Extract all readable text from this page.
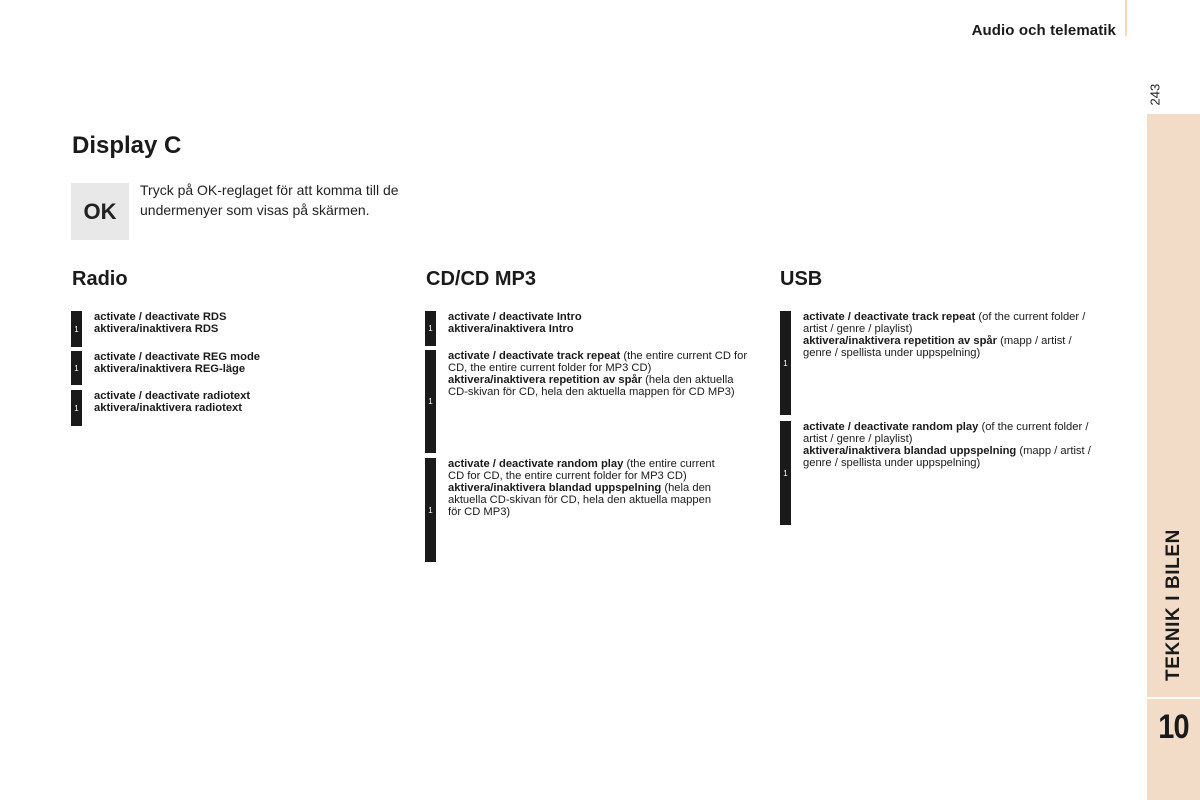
Audio och telematik
243
TEKNIK I BILEN
10
Display C
OK
Tryck på OK-reglaget för att komma till de undermenyer som visas på skärmen.
Radio
1
activate / deactivate RDS
aktivera/inaktivera RDS
1
activate / deactivate REG mode
aktivera/inaktivera REG-läge
1
activate / deactivate radiotext
aktivera/inaktivera radiotext
CD/CD MP3
1
activate / deactivate Intro
aktivera/inaktivera Intro
1
activate / deactivate track repeat (the entire current CD for CD, the entire current folder for MP3 CD)
aktivera/inaktivera repetition av spår (hela den aktuella CD-skivan för CD, hela den aktuella mappen för CD MP3)
1
activate / deactivate random play (the entire current CD for CD, the entire current folder for MP3 CD)
aktivera/inaktivera blandad uppspelning (hela den aktuella CD-skivan för CD, hela den aktuella mappen för CD MP3)
USB
1
activate / deactivate track repeat (of the current folder / artist / genre / playlist)
aktivera/inaktivera repetition av spår (mapp / artist / genre / spellista under uppspelning)
1
activate / deactivate random play (of the current folder / artist / genre / playlist)
aktivera/inaktivera blandad uppspelning (mapp / artist / genre / spellista under uppspelning)
